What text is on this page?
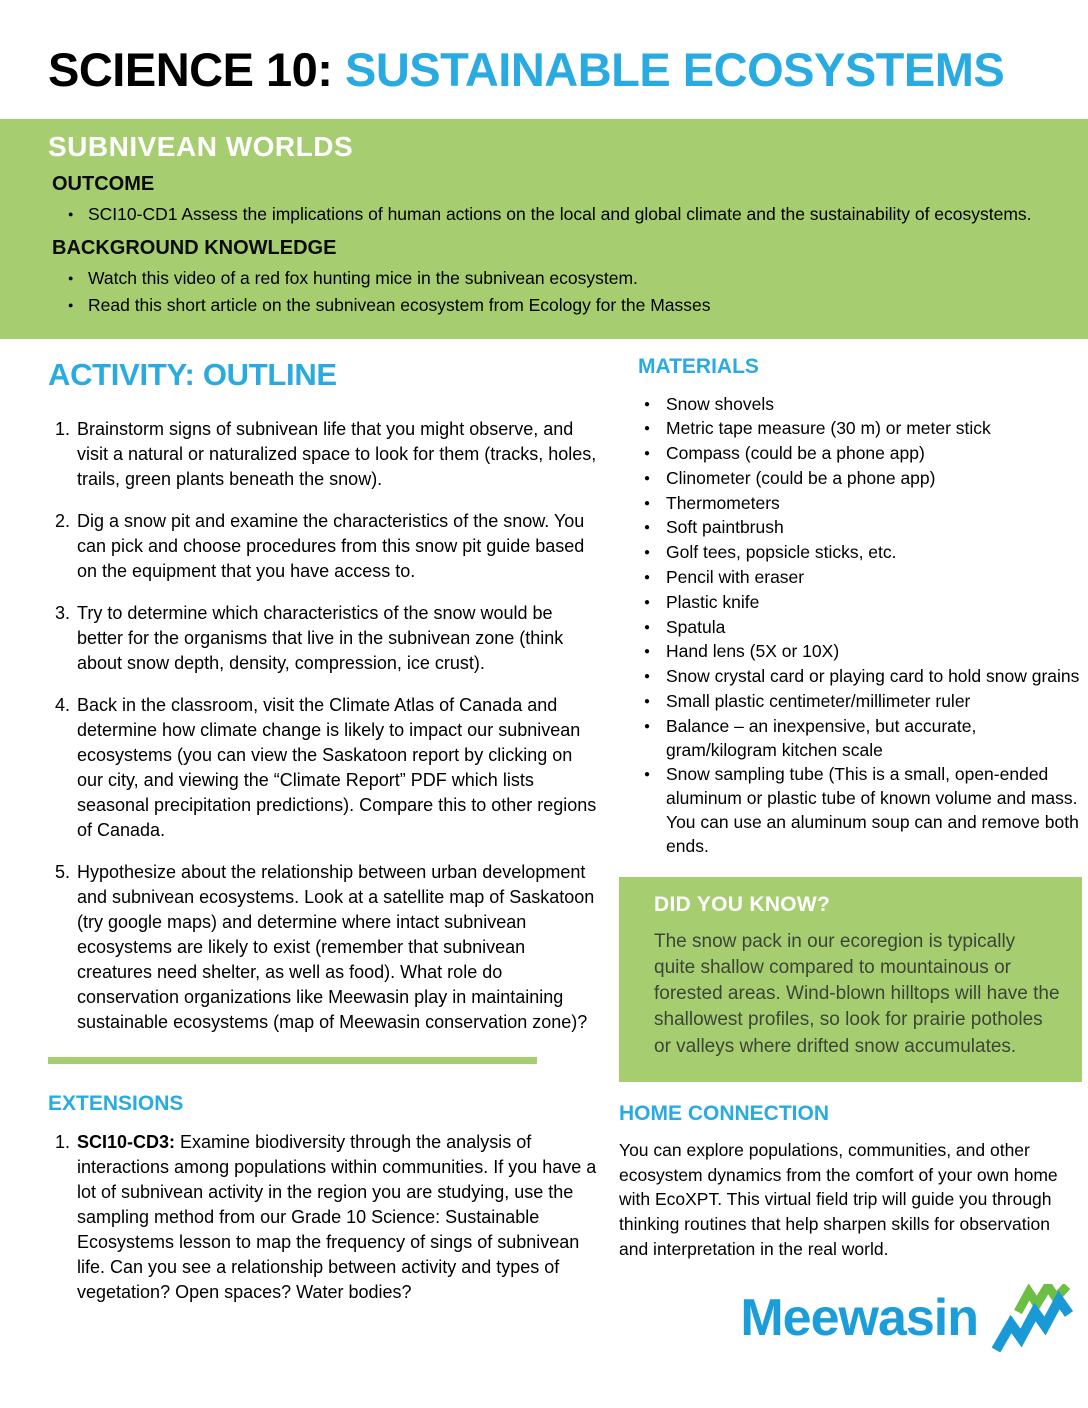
SCIENCE 10: SUSTAINABLE ECOSYSTEMS
SUBNIVEAN WORLDS
OUTCOME
● SCI10-CD1 Assess the implications of human actions on the local and global climate and the sustainability of ecosystems.
BACKGROUND KNOWLEDGE
● Watch this video of a red fox hunting mice in the subnivean ecosystem.
● Read this short article on the subnivean ecosystem from Ecology for the Masses
ACTIVITY: OUTLINE
1. Brainstorm signs of subnivean life that you might observe, and visit a natural or naturalized space to look for them (tracks, holes, trails, green plants beneath the snow).
2. Dig a snow pit and examine the characteristics of the snow. You can pick and choose procedures from this snow pit guide based on the equipment that you have access to.
3. Try to determine which characteristics of the snow would be better for the organisms that live in the subnivean zone (think about snow depth, density, compression, ice crust).
4. Back in the classroom, visit the Climate Atlas of Canada and determine how climate change is likely to impact our subnivean ecosystems (you can view the Saskatoon report by clicking on our city, and viewing the “Climate Report” PDF which lists seasonal precipitation predictions). Compare this to other regions of Canada.
5. Hypothesize about the relationship between urban development and subnivean ecosystems. Look at a satellite map of Saskatoon (try google maps) and determine where intact subnivean ecosystems are likely to exist (remember that subnivean creatures need shelter, as well as food). What role do conservation organizations like Meewasin play in maintaining sustainable ecosystems (map of Meewasin conservation zone)?
EXTENSIONS
1. SCI10-CD3: Examine biodiversity through the analysis of interactions among populations within communities. If you have a lot of subnivean activity in the region you are studying, use the sampling method from our Grade 10 Science: Sustainable Ecosystems lesson to map the frequency of sings of subnivean life. Can you see a relationship between activity and types of vegetation? Open spaces? Water bodies?
MATERIALS
● Snow shovels
● Metric tape measure (30 m) or meter stick
● Compass (could be a phone app)
● Clinometer (could be a phone app)
● Thermometers
● Soft paintbrush
● Golf tees, popsicle sticks, etc.
● Pencil with eraser
● Plastic knife
● Spatula
● Hand lens (5X or 10X)
● Snow crystal card or playing card to hold snow grains
● Small plastic centimeter/millimeter ruler
● Balance – an inexpensive, but accurate, gram/kilogram kitchen scale
● Snow sampling tube (This is a small, open-ended aluminum or plastic tube of known volume and mass. You can use an aluminum soup can and remove both ends.
DID YOU KNOW?

The snow pack in our ecoregion is typically quite shallow compared to mountainous or forested areas. Wind-blown hilltops will have the shallowest profiles, so look for prairie potholes or valleys where drifted snow accumulates.

HOME CONNECTION

You can explore populations, communities, and other ecosystem dynamics from the comfort of your own home with EcoXPT. This virtual field trip will guide you through thinking routines that help sharpen skills for observation and interpretation in the real world.

Meewasin
